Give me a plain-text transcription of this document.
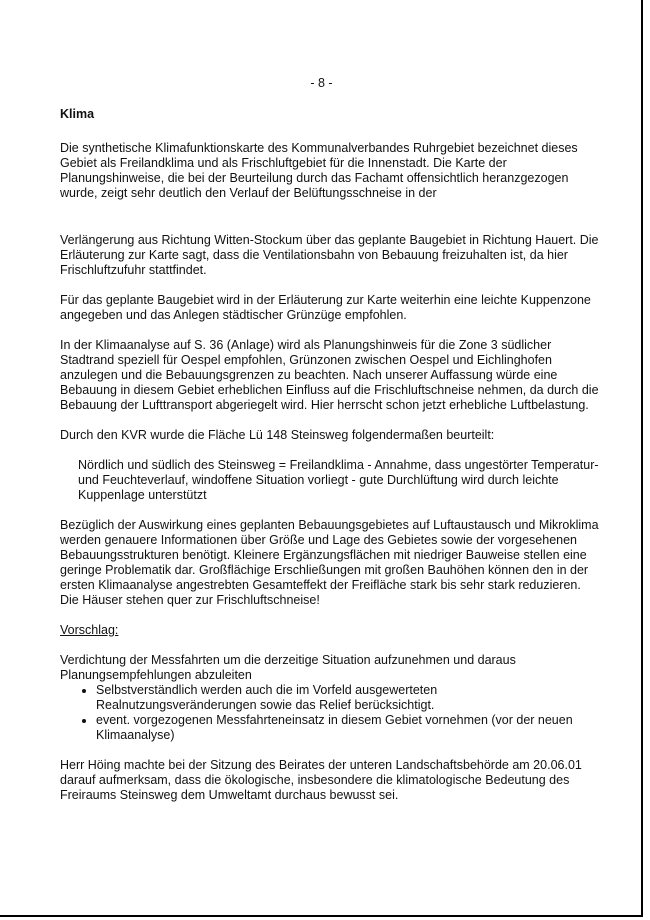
- 8 -
Klima

Die synthetische Klimafunktionskarte des Kommunalverbandes Ruhrgebiet bezeichnet dieses Gebiet als Freilandklima und als Frischluftgebiet für die Innenstadt. Die Karte der Planungshinweise, die bei der Beurteilung durch das Fachamt offensichtlich heranzgezogen wurde, zeigt sehr deutlich den Verlauf der Belüftungsschneise in der

Verlängerung aus Richtung Witten-Stockum über das geplante Baugebiet in Richtung Hauert. Die Erläuterung zur Karte sagt, dass die Ventilationsbahn von Bebauung freizuhalten ist, da hier Frischluftzufuhr stattfindet.

Für das geplante Baugebiet wird in der Erläuterung zur Karte weiterhin eine leichte Kuppenzone angegeben und das Anlegen städtischer Grünzüge empfohlen.

In der Klimaanalyse auf S. 36 (Anlage) wird als Planungshinweis für die Zone 3 südlicher Stadtrand speziell für Oespel empfohlen, Grünzonen zwischen Oespel und Eichlinghofen anzulegen und die Bebauungsgrenzen zu beachten. Nach unserer Auffassung würde eine Bebauung in diesem Gebiet erheblichen Einfluss auf die Frischluftschneise nehmen, da durch die Bebauung der Lufttransport abgeriegelt wird. Hier herrscht schon jetzt erhebliche Luftbelastung.

Durch den KVR wurde die Fläche Lü 148 Steinsweg folgendermaßen beurteilt:

Nördlich und südlich des Steinsweg = Freilandklima - Annahme, dass ungestörter Temperatur- und Feuchteverlauf, windoffene Situation vorliegt - gute Durchlüftung wird durch leichte Kuppenlage unterstützt

Bezüglich der Auswirkung eines geplanten Bebauungsgebietes auf Luftaustausch und Mikroklima werden genauere Informationen über Größe und Lage des Gebietes sowie der vorgesehenen Bebauungsstrukturen benötigt. Kleinere Ergänzungsflächen mit niedriger Bauweise stellen eine geringe Problematik dar. Großflächige Erschließungen mit großen Bauhöhen können den in der ersten Klimaanalyse angestrebten Gesamteffekt der Freifläche stark bis sehr stark reduzieren.

Die Häuser stehen quer zur Frischluftschneise!

Vorschlag:

Verdichtung der Messfahrten um die derzeitige Situation aufzunehmen und daraus Planungsempfehlungen abzuleiten

• Selbstverständlich werden auch die im Vorfeld ausgewerteten Realnutzungsveränderungen sowie das Relief berücksichtigt.
• event. vorgezogenen Messfahrteneinsatz in diesem Gebiet vornehmen (vor der neuen Klimaanalyse)

Herr Höing machte bei der Sitzung des Beirates der unteren Landschaftsbehörde am 20.06.01 darauf aufmerksam, dass die ökologische, insbesondere die klimatologische Bedeutung des Freiraums Steinsweg dem Umweltamt durchaus bewusst sei.
